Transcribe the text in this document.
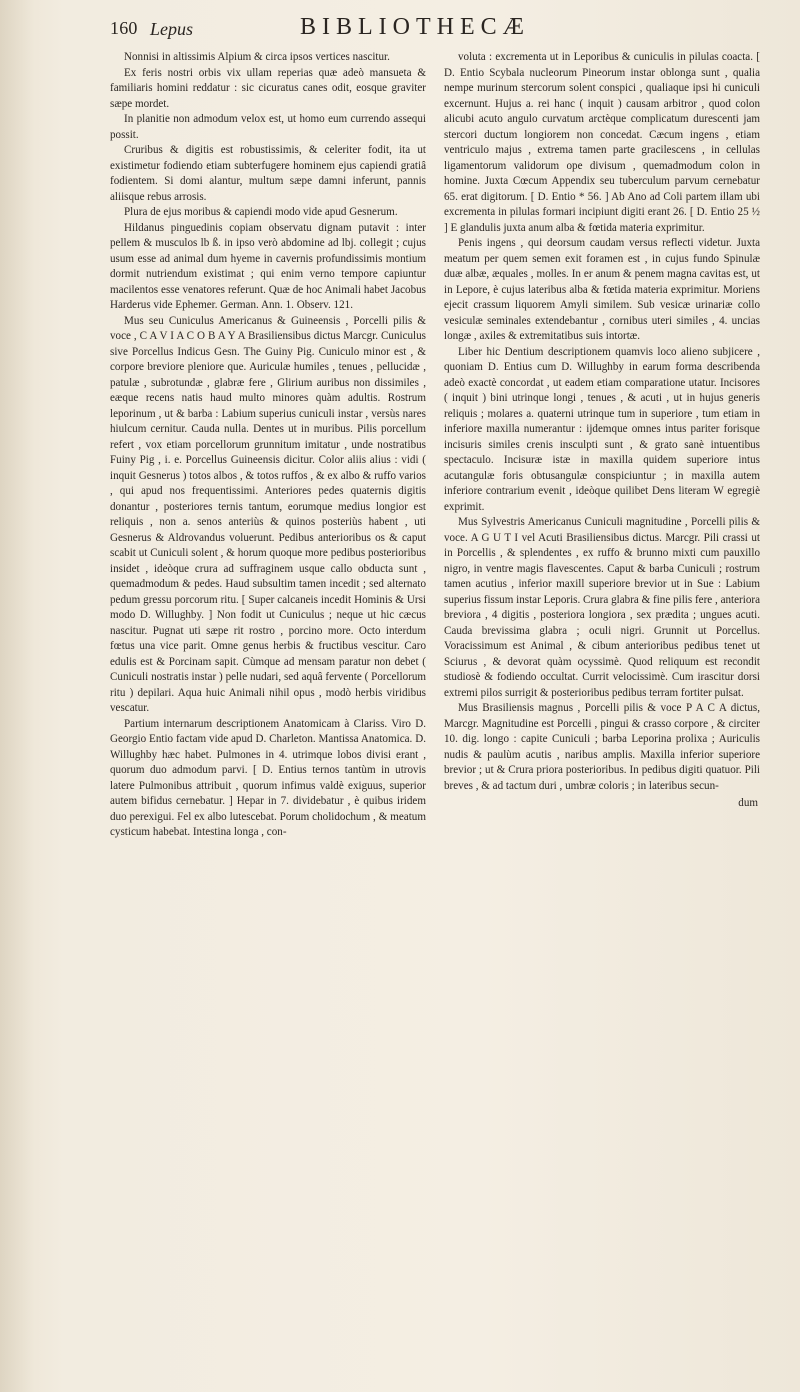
160 Lepus	BIBLIOTHECÆ

Nonnisi in altissimis Alpium & circa ipsos vertices nascitur.

Ex feris nostri orbis vix ullam reperias quæ adeò mansueta & familiaris homini reddatur : sic cicuratus canes odit, eosque graviter sæpe mordet.

In planitie non admodum velox est, ut homo eum currendo assequi possit.

Cruribus & digitis est robustissimis, & celeriter fodit, ita ut existimetur fodiendo etiam subterfugere hominem ejus capiendi gratiâ fodientem. Si domi alantur, multum sæpe damni inferunt, pannis aliisque rebus arrosis.

Plura de ejus moribus & capiendi modo vide apud Gesnerum.

Hildanus pinguedinis copiam observatu dignam putavit : inter pellem & musculos lb ß. in ipso verò abdomine ad lbj. collegit ; cujus usum esse ad animal dum hyeme in cavernis profundissimis montium dormit nutriendum existimat ; qui enim verno tempore capiuntur macilentos esse venatores referunt. Quæ de hoc Animali habet Jacobus Harderus vide Ephemer. German. Ann. 1. Observ. 121.

Mus seu Cuniculus Americanus & Guineensis , Porcelli pilis & voce , C A V I A C O B A Y A Brasiliensibus dictus Marcgr. Cuniculus sive Porcellus Indicus Gesn. The Guiny Pig. Cuniculo minor est , & corpore breviore pleniore que. Auriculæ humiles , tenues , pellucidæ , patulæ , subrotundæ , glabræ fere , Glirium auribus non dissimiles , eæque recens natis haud multo minores quàm adultis. Rostrum leporinum , ut & barba : Labium superius cuniculi instar , versùs nares hiulcum cernitur. Cauda nulla. Dentes ut in muribus. Pilis porcellum refert , vox etiam porcellorum grunnitum imitatur , unde nostratibus Fuiny Pig , i. e. Porcellus Guineensis dicitur. Color aliis alius : vidi ( inquit Gesnerus ) totos albos , & totos ruffos , & ex albo & ruffo varios , qui apud nos frequentissimi. Anteriores pedes quaternis digitis donantur , posteriores ternis tantum, eorumque medius longior est reliquis , non a. senos anteriùs & quinos posteriùs habent , uti Gesnerus & Aldrovandus voluerunt. Pedibus anterioribus os & caput scabit ut Cuniculi solent , & horum quoque more pedibus posterioribus insidet , ideòque crura ad suffraginem usque callo obducta sunt , quemadmodum & pedes. Haud subsultim tamen incedit ; sed alternato pedum gressu porcorum ritu. [ Super calcaneis incedit Hominis & Ursi modo D. Willughby. ] Non fodit ut Cuniculus ; neque ut hic cæcus nascitur. Pugnat uti sæpe rit rostro , porcino more. Octo interdum fœtus una vice parit. Omne genus herbis & fructibus vescitur. Caro edulis est & Porcinam sapit. Cùmque ad mensam paratur non debet ( Cuniculi nostratis instar ) pelle nudari, sed aquâ fervente ( Porcellorum ritu ) depilari. Aqua huic Animali nihil opus , modò herbis viridibus vescatur.

Partium internarum descriptionem Anatomicam à Clariss. Viro D. Georgio Entio factam vide apud D. Charleton. Mantissa Anatomica. D. Willughby hæc habet. Pulmones in 4. utrimque lobos divisi erant , quorum duo admodum parvi. [ D. Entius ternos tantùm in utrovis latere Pulmonibus attribuit , quorum infimus valdè exiguus, superior autem bifidus cernebatur. ] Hepar in 7. dividebatur , è quibus iridem duo perexigui. Fel ex albo lutescebat. Porum cholidochum , & meatum cysticum habebat. Intestina longa , con-

voluta : excrementa ut in Leporibus & cuniculis in pilulas coacta. [ D. Entio Scybala nucleorum Pineorum instar oblonga sunt , qualia nempe murinum stercorum solent conspici , qualiaque ipsi hi cuniculi excernunt. Hujus a. rei hanc ( inquit ) causam arbitror , quod colon alicubi acuto angulo curvatum arctèque complicatum durescenti jam stercori ductum longiorem non concedat. Cæcum ingens , etiam ventriculo majus , extrema tamen parte gracilescens , in cellulas ligamentorum validorum ope divisum , quemadmodum colon in homine. Juxta Cœcum Appendix seu tuberculum parvum cernebatur 65. erat digitorum. [ D. Entio * 56. ] Ab Ano ad Coli partem illam ubi excrementa in pilulas formari incipiunt digiti erant 26. [ D. Entio 25 ½ ] E glandulis juxta anum alba & fœtida materia exprimitur.

Penis ingens , qui deorsum caudam versus reflecti videtur. Juxta meatum per quem semen exit foramen est , in cujus fundo Spinulæ duæ albæ, æquales , molles. In er anum & penem magna cavitas est, ut in Lepore, è cujus lateribus alba & fœtida materia exprimitur. Moriens ejecit crassum liquorem Amyli similem. Sub vesicæ urinariæ collo vesiculæ seminales extendebantur , cornibus uteri similes , 4. uncias longæ , axiles & extremitatibus suis intortæ.

Liber hic Dentium descriptionem quamvis loco alieno subjicere , quoniam D. Entius cum D. Willughby in earum forma describenda adeò exactè concordat , ut eadem etiam comparatione utatur. Incisores ( inquit ) bini utrinque longi , tenues , & acuti , ut in hujus generis reliquis ; molares a. quaterni utrinque tum in superiore , tum etiam in inferiore maxilla numerantur : ijdemque omnes intus pariter forisque incisuris similes crenis insculpti sunt , & grato sanè intuentibus spectaculo. Incisuræ istæ in maxilla quidem superiore intus acutangulæ foris obtusangulæ conspiciuntur ; in maxilla autem inferiore contrarium evenit , ideòque quilibet Dens literam W egregiè exprimit.

Mus Sylvestris Americanus Cuniculi magnitudine , Porcelli pilis & voce. A G U T I vel Acuti Brasiliensibus dictus. Marcgr. Pili crassi ut in Porcellis , & splendentes , ex ruffo & brunno mixti cum pauxillo nigro, in ventre magis flavescentes. Caput & barba Cuniculi ; rostrum tamen acutius , inferior maxill superiore brevior ut in Sue : Labium superius fissum instar Leporis. Crura glabra & fine pilis fere , anteriora breviora , 4 digitis , posteriora longiora , sex prædita ; ungues acuti. Cauda brevissima glabra ; oculi nigri. Grunnit ut Porcellus. Voracissimum est Animal , & cibum anterioribus pedibus tenet ut Sciurus , & devorat quàm ocyssimè. Quod reliquum est recondit studiosè & fodiendo occultat. Currit velocissimè. Cum irascitur dorsi extremi pilos surrigit & posterioribus pedibus terram fortiter pulsat.

Mus Brasiliensis magnus , Porcelli pilis & voce P A C A dictus, Marcgr. Magnitudine est Porcelli , pingui & crasso corpore , & circiter 10. dig. longo : capite Cuniculi ; barba Leporina prolixa ; Auriculis nudis & paulùm acutis , naribus amplis. Maxilla inferior superiore brevior ; ut & Crura priora posterioribus. In pedibus digiti quatuor. Pili breves , & ad tactum duri , umbræ coloris ; in lateribus secun-

dum
